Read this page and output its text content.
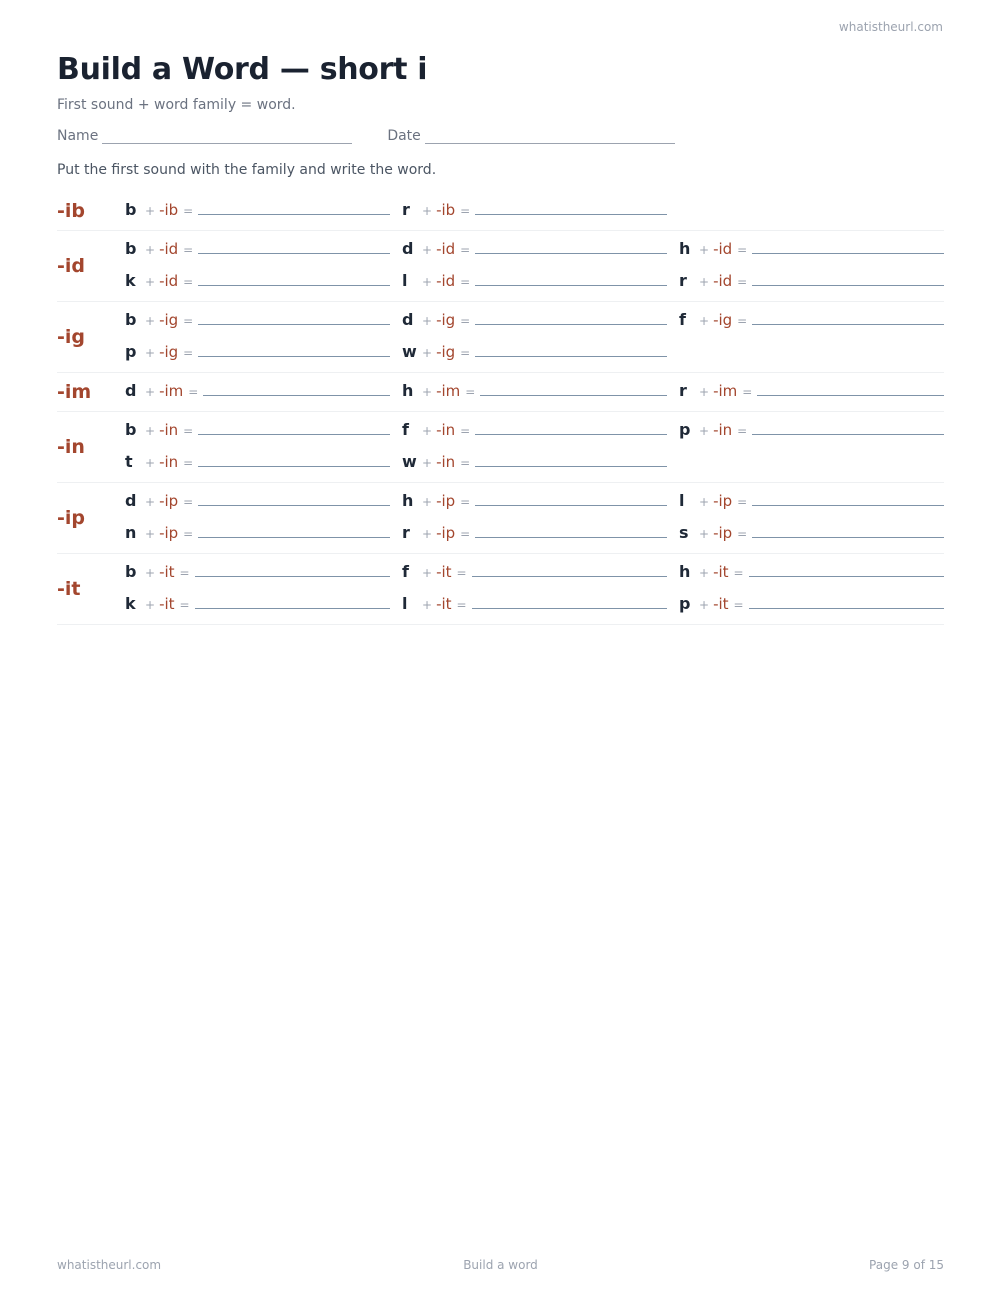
whatistheurl.com
Build a Word — short i
First sound + word family = word.
Name	Date
Put the first sound with the family and write the word.
-ib	b + -ib =	r	+ -ib =
-id
b + -id =	d + -id =	h + -id =
k + -id =	l	+ -id =	r	+ -id =
-ig
b + -ig =	d + -ig =	f	+ -ig =
p + -ig =	w + -ig =
-im	d + -im =	h + -im =	r	+ -im =
-in
b + -in =	f	+ -in =	p + -in =
t	+ -in =	w + -in =
-ip
d + -ip =	h + -ip =	l	+ -ip =
n + -ip =	r	+ -ip =	s + -ip =
-it
b + -it =	f	+ -it =	h + -it =
k + -it =	l	+ -it =	p + -it =
whatistheurl.com	Build a word	Page 9 of 15
